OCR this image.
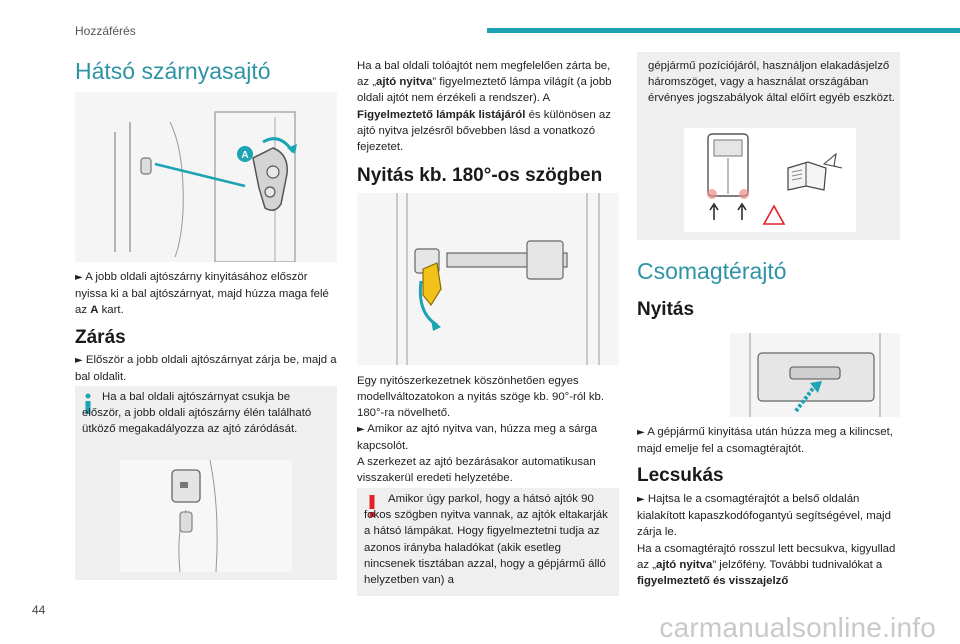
Hozzáférés
Hátsó szárnyasajtó
A

► A jobb oldali ajtószárny kinyitásához először nyissa ki a bal ajtószárnyat, majd húzza maga felé az A kart.

Zárás

► Először a jobb oldali ajtószárnyat zárja be, majd a bal oldalit.

Ha a bal oldali ajtószárnyat csukja be először, a jobb oldali ajtószárny élén található ütköző megakadályozza az ajtó záródását.

Ha a bal oldali tolóajtót nem megfelelően zárta be, az „ajtó nyitva” figyelmeztető lámpa világít (a jobb oldali ajtót nem érzékeli a rendszer). A Figyelmeztető lámpák listájáról és különösen az ajtó nyitva jelzésről bővebben lásd a vonatkozó fejezetet.

Nyitás kb. 180°-os szögben

Egy nyitószerkezetnek köszönhetően egyes modellváltozatokon a nyitás szöge kb. 90°-ról kb. 180°-ra növelhető.

► Amikor az ajtó nyitva van, húzza meg a sárga kapcsolót.

A szerkezet az ajtó bezárásakor automatikusan visszakerül eredeti helyzetébe.

Amikor úgy parkol, hogy a hátsó ajtók 90 fokos szögben nyitva vannak, az ajtók eltakarják a hátsó lámpákat. Hogy figyelmeztetni tudja az azonos irányba haladókat (akik esetleg nincsenek tisztában azzal, hogy a gépjármű álló helyzetben van) a

gépjármű pozíciójáról, használjon elakadásjelző háromszöget, vagy a használat országában érvényes jogszabályok által előírt egyéb eszközt.

Csomagtérajtó
Nyitás

► A gépjármű kinyitása után húzza meg a kilincset, majd emelje fel a csomagtérajtót.

Lecsukás

► Hajtsa le a csomagtérajtót a belső oldalán kialakított kapaszkodófogantyú segítségével, majd zárja le.
Ha a csomagtérajtó rosszul lett becsukva, kigyullad az „ajtó nyitva” jelzőfény. További tudnivalókat a figyelmeztető és visszajelző

44
carmanualsonline.info
